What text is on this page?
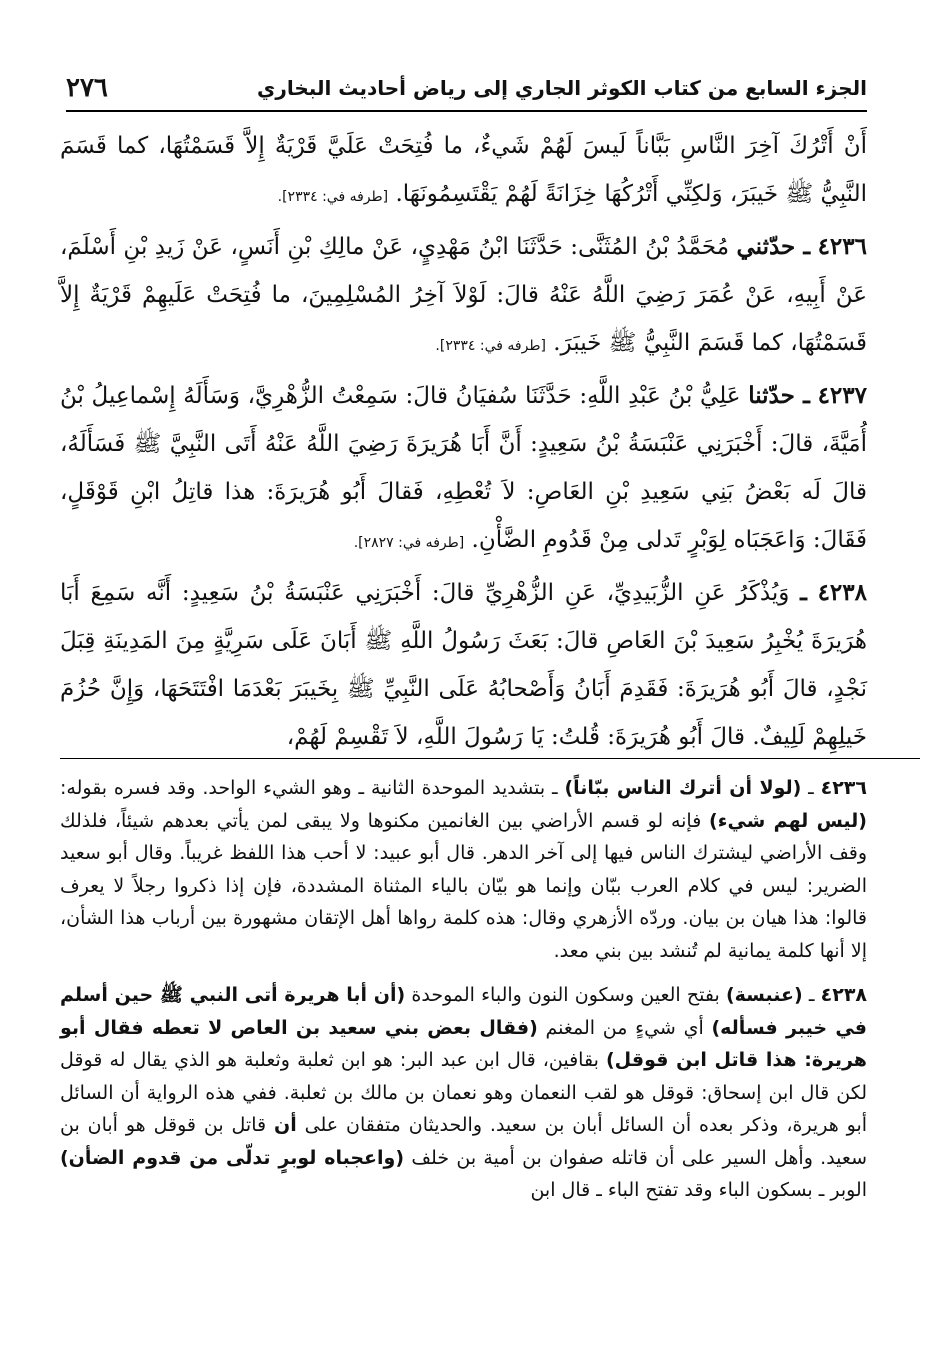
الجزء السابع من كتاب الكوثر الجاري إلى رياض أحاديث البخاري
٢٧٦

أَنْ أَتْرُكَ آخِرَ النَّاسِ بَبَّاناً لَيسَ لَهُمْ شَيءٌ، ما فُتِحَتْ عَلَيَّ قَرْيَةٌ إِلاَّ قَسَمْتُهَا، كما قَسَمَ النَّبِيُّ ﷺ خَيبَرَ، وَلكِنِّي أَتْرُكُهَا خِزَانَةً لَهُمْ يَقْتَسِمُونَهَا. [طرفه في: ٢٣٣٤].

٤٢٣٦ ـ حدّثني مُحَمَّدُ بْنُ المُثَنَّى: حَدَّثَنَا ابْنُ مَهْدِيٍ، عَنْ مالِكِ بْنِ أَنَسٍ، عَنْ زَيدِ بْنِ أَسْلَمَ، عَنْ أَبِيهِ، عَنْ عُمَرَ رَضِيَ اللَّهُ عَنْهُ قالَ: لَوْلاَ آخِرُ المُسْلِمِينَ، ما فُتِحَتْ عَلَيهِمْ قَرْيَةٌ إِلاَّ قَسَمْتُهَا، كما قَسَمَ النَّبِيُّ ﷺ خَيبَرَ. [طرفه في: ٢٣٣٤].

٤٢٣٧ ـ حدّثنا عَلِيُّ بْنُ عَبْدِ اللَّهِ: حَدَّثَنَا سُفيَانُ قالَ: سَمِعْتُ الزُّهْرِيَّ، وَسَأَلَهُ إِسْماعِيلُ بْنُ أُمَيَّةَ، قالَ: أَخْبَرَنِي عَنْبَسَةُ بْنُ سَعِيدٍ: أَنَّ أَبَا هُرَيرَةَ رَضِيَ اللَّهُ عَنْهُ أَتَى النَّبِيَّ ﷺ فَسَأَلَهُ، قالَ لَه بَعْضُ بَنِي سَعِيدِ بْنِ العَاصِ: لاَ تُعْطِهِ، فَقالَ أَبُو هُرَيرَةَ: هذا قاتِلُ ابْنِ قَوْقَلٍ، فَقَالَ: وَاعَجَبَاه لِوَبْرٍ تَدلى مِنْ قَدُومِ الضَّأْنِ. [طرفه في: ٢٨٢٧].

٤٢٣٨ ـ وَيُذْكَرُ عَنِ الزُّبَيدِيِّ، عَنِ الزُّهْرِيِّ قالَ: أَخْبَرَنِي عَنْبَسَةُ بْنُ سَعِيدٍ: أَنَّه سَمِعَ أَبَا هُرَيرَةَ يُخْبِرُ سَعِيدَ بْنَ العَاصِ قالَ: بَعَثَ رَسُولُ اللَّهِ ﷺ أَبَانَ عَلَى سَرِيَّةٍ مِنَ المَدِينَةِ قِبَلَ نَجْدٍ، قالَ أَبُو هُرَيرَةَ: فَقَدِمَ أَبَانُ وَأَصْحابُهُ عَلَى النَّبِيِّ ﷺ بِخَيبَرَ بَعْدَمَا افْتَتَحَهَا، وَإِنَّ حُزُمَ خَيلِهِمْ لَلِيفٌ. قالَ أَبُو هُرَيرَةَ: قُلتُ: يَا رَسُولَ اللَّهِ، لاَ تَقْسِمْ لَهُمْ،

٤٢٣٦ ـ (لولا أن أترك الناس ببّاناً) ـ بتشديد الموحدة الثانية ـ وهو الشيء الواحد. وقد فسره بقوله: (ليس لهم شيء) فإنه لو قسم الأراضي بين الغانمين مكنوها ولا يبقى لمن يأتي بعدهم شيئاً، فلذلك وقف الأراضي ليشترك الناس فيها إلى آخر الدهر. قال أبو عبيد: لا أحب هذا اللفظ غريباً. وقال أبو سعيد الضرير: ليس في كلام العرب ببّان وإنما هو بيّان بالياء المثناة المشددة، فإن إذا ذكروا رجلاً لا يعرف قالوا: هذا هيان بن بيان. وردّه الأزهري وقال: هذه كلمة رواها أهل الإتقان مشهورة بين أرباب هذا الشأن، إلا أنها كلمة يمانية لم تُنشد بين بني معد.

٤٢٣٨ ـ (عنبسة) بفتح العين وسكون النون والباء الموحدة (أن أبا هريرة أتى النبي ﷺ حين أسلم في خيبر فسأله) أي شيءٍ من المغنم (فقال بعض بني سعيد بن العاص لا تعطه فقال أبو هريرة: هذا قاتل ابن قوقل) بقافين، قال ابن عبد البر: هو ابن ثعلبة وثعلبة هو الذي يقال له قوقل لكن قال ابن إسحاق: قوقل هو لقب النعمان وهو نعمان بن مالك بن ثعلبة. ففي هذه الرواية أن السائل أبو هريرة، وذكر بعده أن السائل أبان بن سعيد. والحديثان متفقان على أن قاتل بن قوقل هو أبان بن سعيد. وأهل السير على أن قاتله صفوان بن أمية بن خلف (واعجباه لوبرٍ تدلّى من قدوم الضأن) الوبر ـ بسكون الباء وقد تفتح الباء ـ قال ابن
